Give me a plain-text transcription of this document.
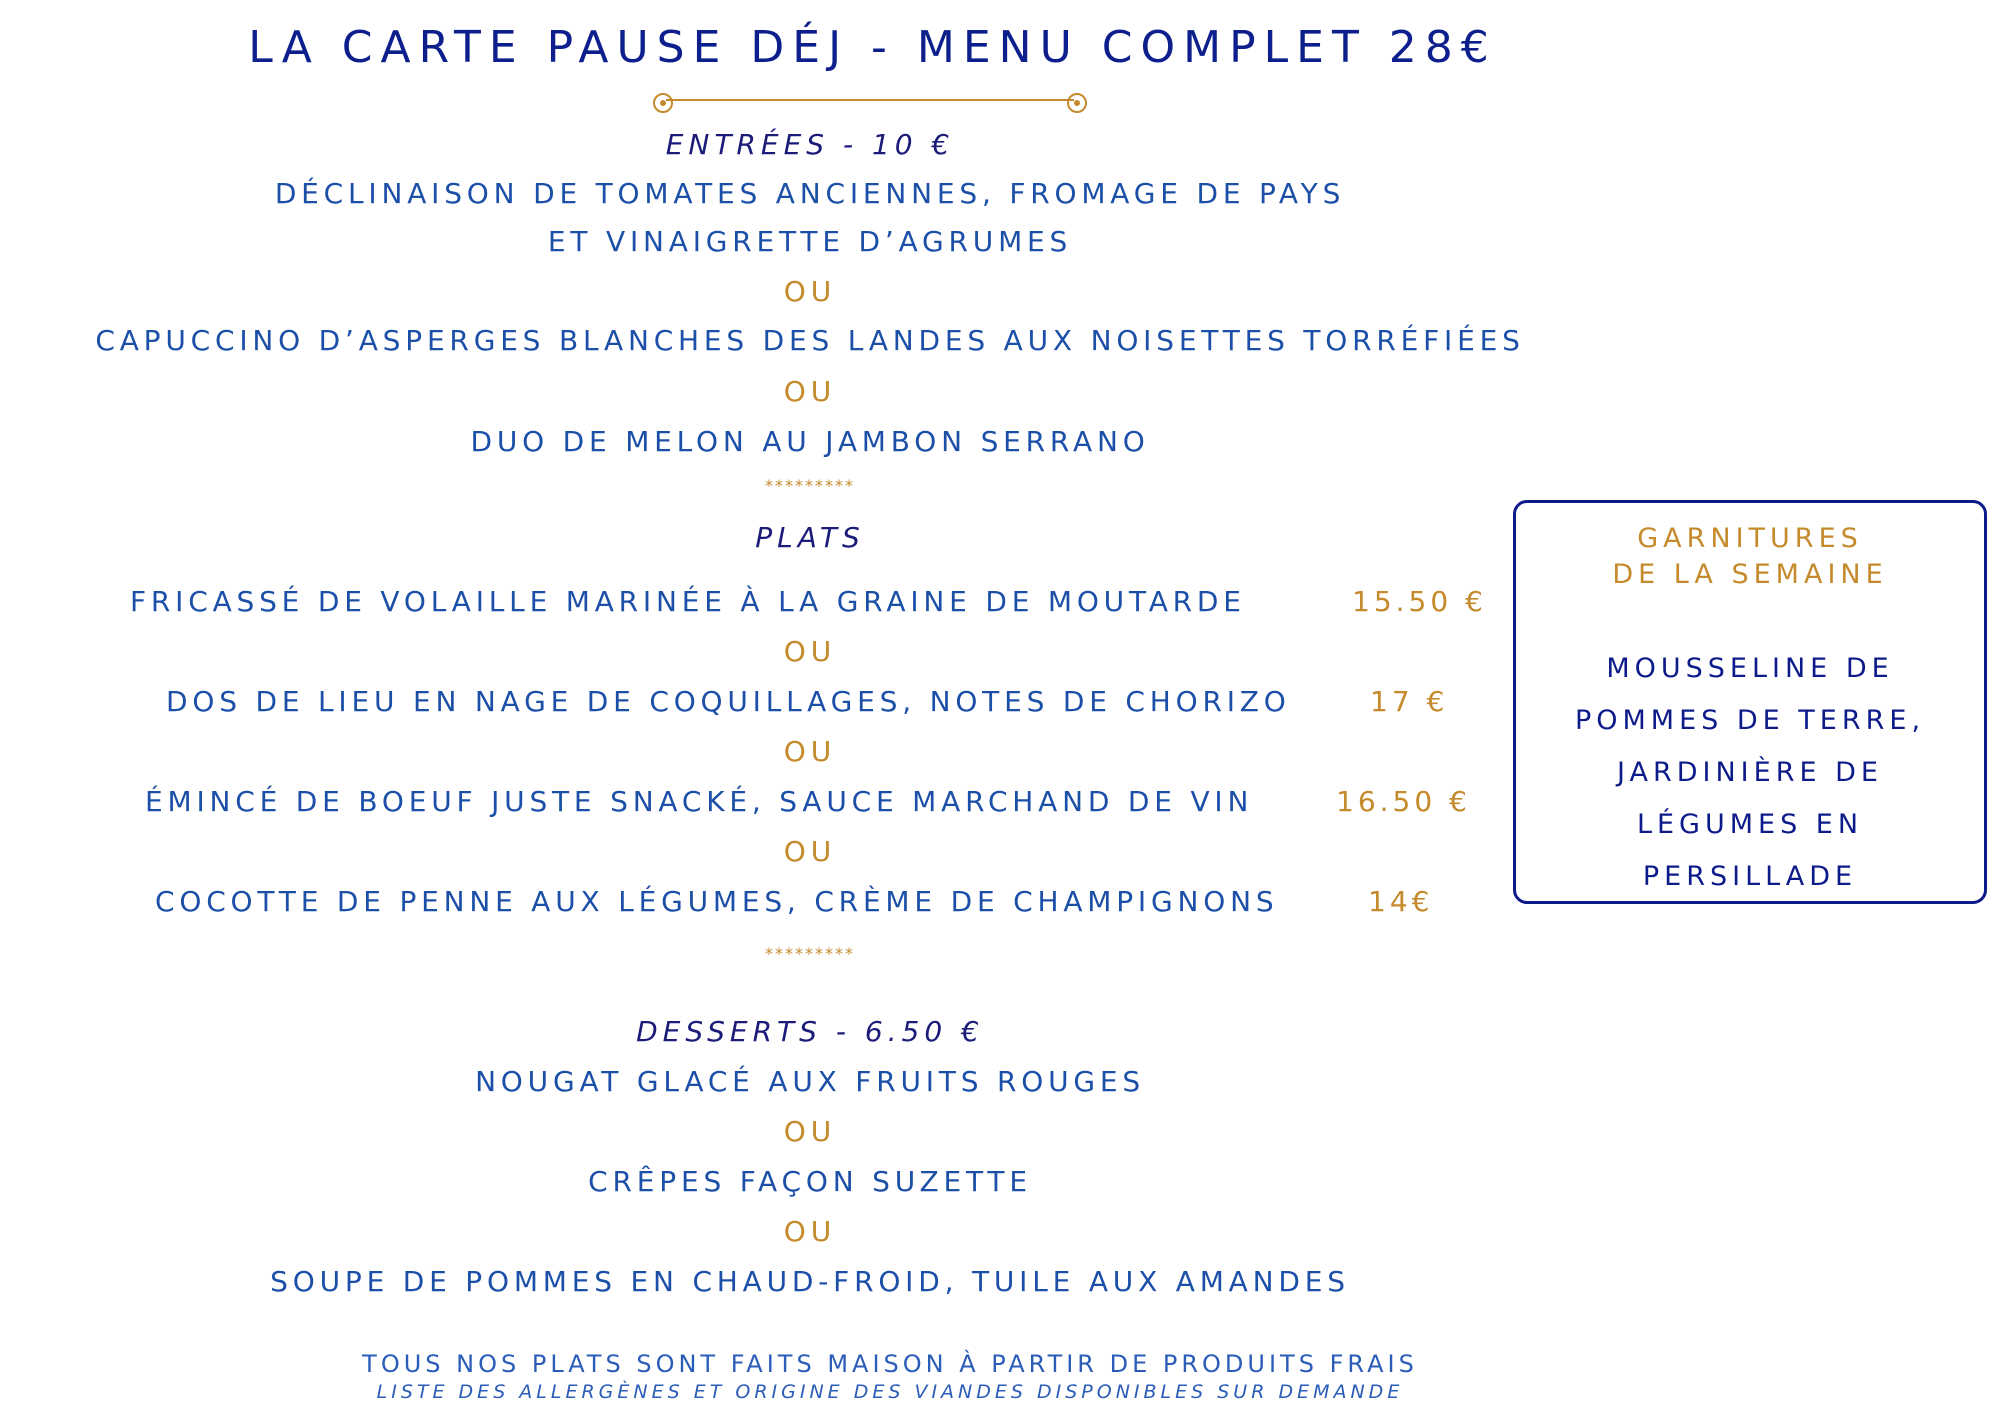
LA CARTE PAUSE DÉJ - MENU COMPLET 28€
ENTRÉES - 10 €
DÉCLINAISON DE TOMATES ANCIENNES, FROMAGE DE PAYS
ET VINAIGRETTE D’AGRUMES
OU
CAPUCCINO D’ASPERGES BLANCHES DES LANDES AUX NOISETTES TORRÉFIÉES
OU
DUO DE MELON AU JAMBON SERRANO
*********
PLATS
FRICASSÉ DE VOLAILLE MARINÉE À LA GRAINE DE MOUTARDE	15.50 €
OU
DOS DE LIEU EN NAGE DE COQUILLAGES, NOTES DE CHORIZO	17 €
OU
ÉMINCÉ DE BOEUF JUSTE SNACKÉ, SAUCE MARCHAND DE VIN	16.50 €
OU
COCOTTE DE PENNE AUX LÉGUMES, CRÈME DE CHAMPIGNONS	14€
*********
DESSERTS - 6.50 €
NOUGAT GLACÉ AUX FRUITS ROUGES
OU
CRÊPES FAÇON SUZETTE
OU
SOUPE DE POMMES EN CHAUD-FROID, TUILE AUX AMANDES
TOUS NOS PLATS SONT FAITS MAISON À PARTIR DE PRODUITS FRAIS
LISTE DES ALLERGÈNES ET ORIGINE DES VIANDES DISPONIBLES SUR DEMANDE
GARNITURES
DE LA SEMAINE
MOUSSELINE DE
POMMES DE TERRE,
JARDINIÈRE DE
LÉGUMES EN
PERSILLADE
